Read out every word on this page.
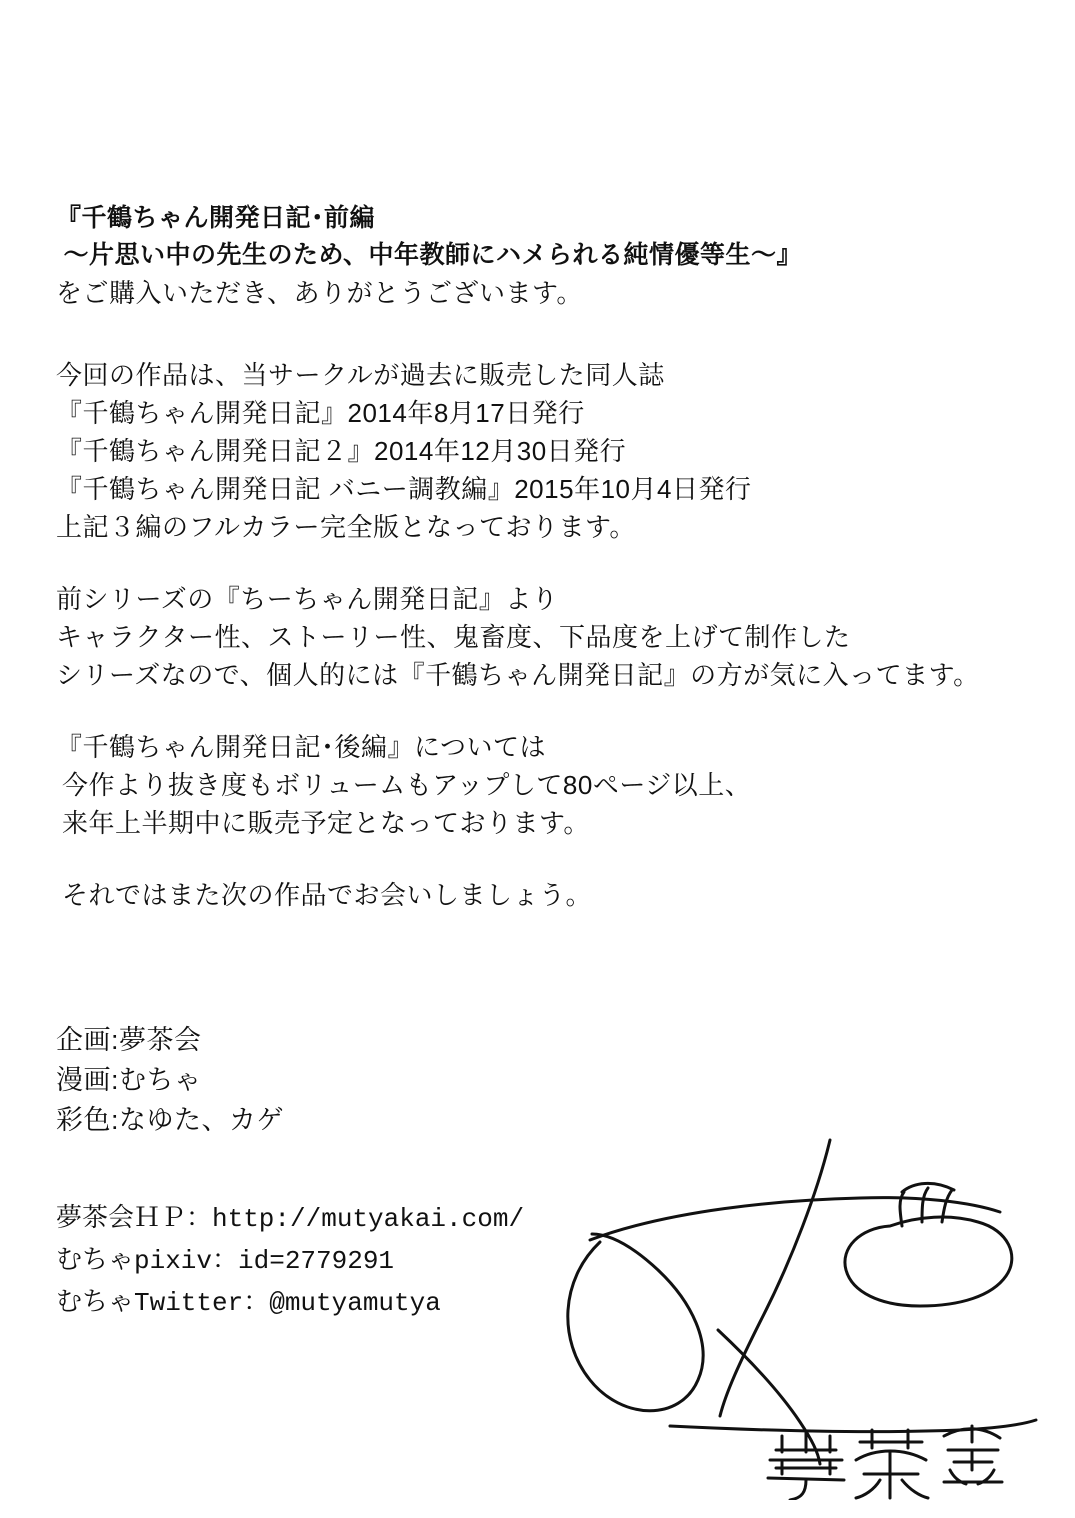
『千鶴ちゃん開発日記･前編
～片思い中の先生のため、中年教師にハメられる純情優等生～』
をご購入いただき、ありがとうございます。
今回の作品は、当サークルが過去に販売した同人誌
『千鶴ちゃん開発日記』2014年8月17日発行
『千鶴ちゃん開発日記２』2014年12月30日発行
『千鶴ちゃん開発日記 バニー調教編』2015年10月4日発行
上記３編のフルカラー完全版となっております。
前シリーズの『ちーちゃん開発日記』より
キャラクター性、ストーリー性、鬼畜度、下品度を上げて制作した
シリーズなので、個人的には『千鶴ちゃん開発日記』の方が気に入ってます。
『千鶴ちゃん開発日記･後編』については
今作より抜き度もボリュームもアップして80ページ以上、
来年上半期中に販売予定となっております。
それではまた次の作品でお会いしましょう。
企画:夢茶会
漫画:むちゃ
彩色:なゆた、カゲ
夢茶会ＨＰ：http://mutyakai.com/
むちゃpixiv：id=2779291
むちゃTwitter：@mutyamutya
